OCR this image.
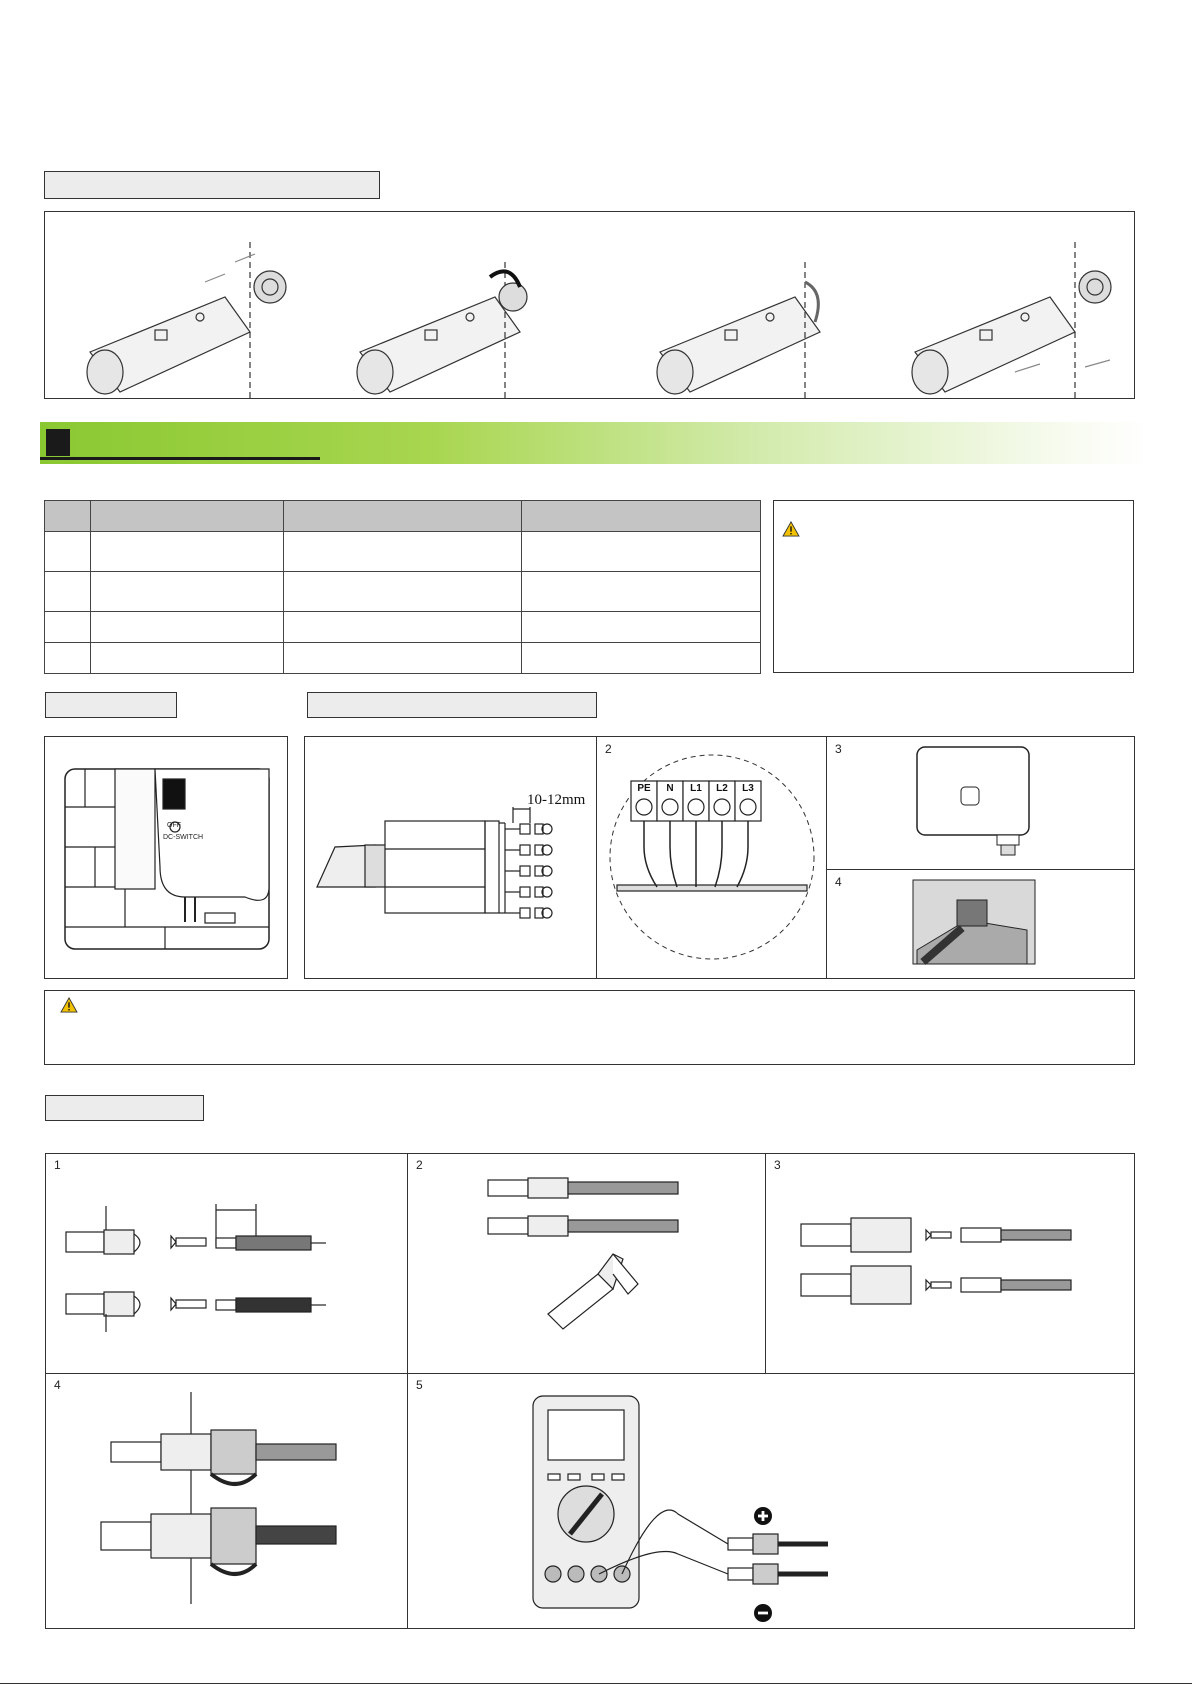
OFF
DC-SWITCH
10-12mm
2
PE	N	L1	L2	L3
3
4
1	2	3
4	5
